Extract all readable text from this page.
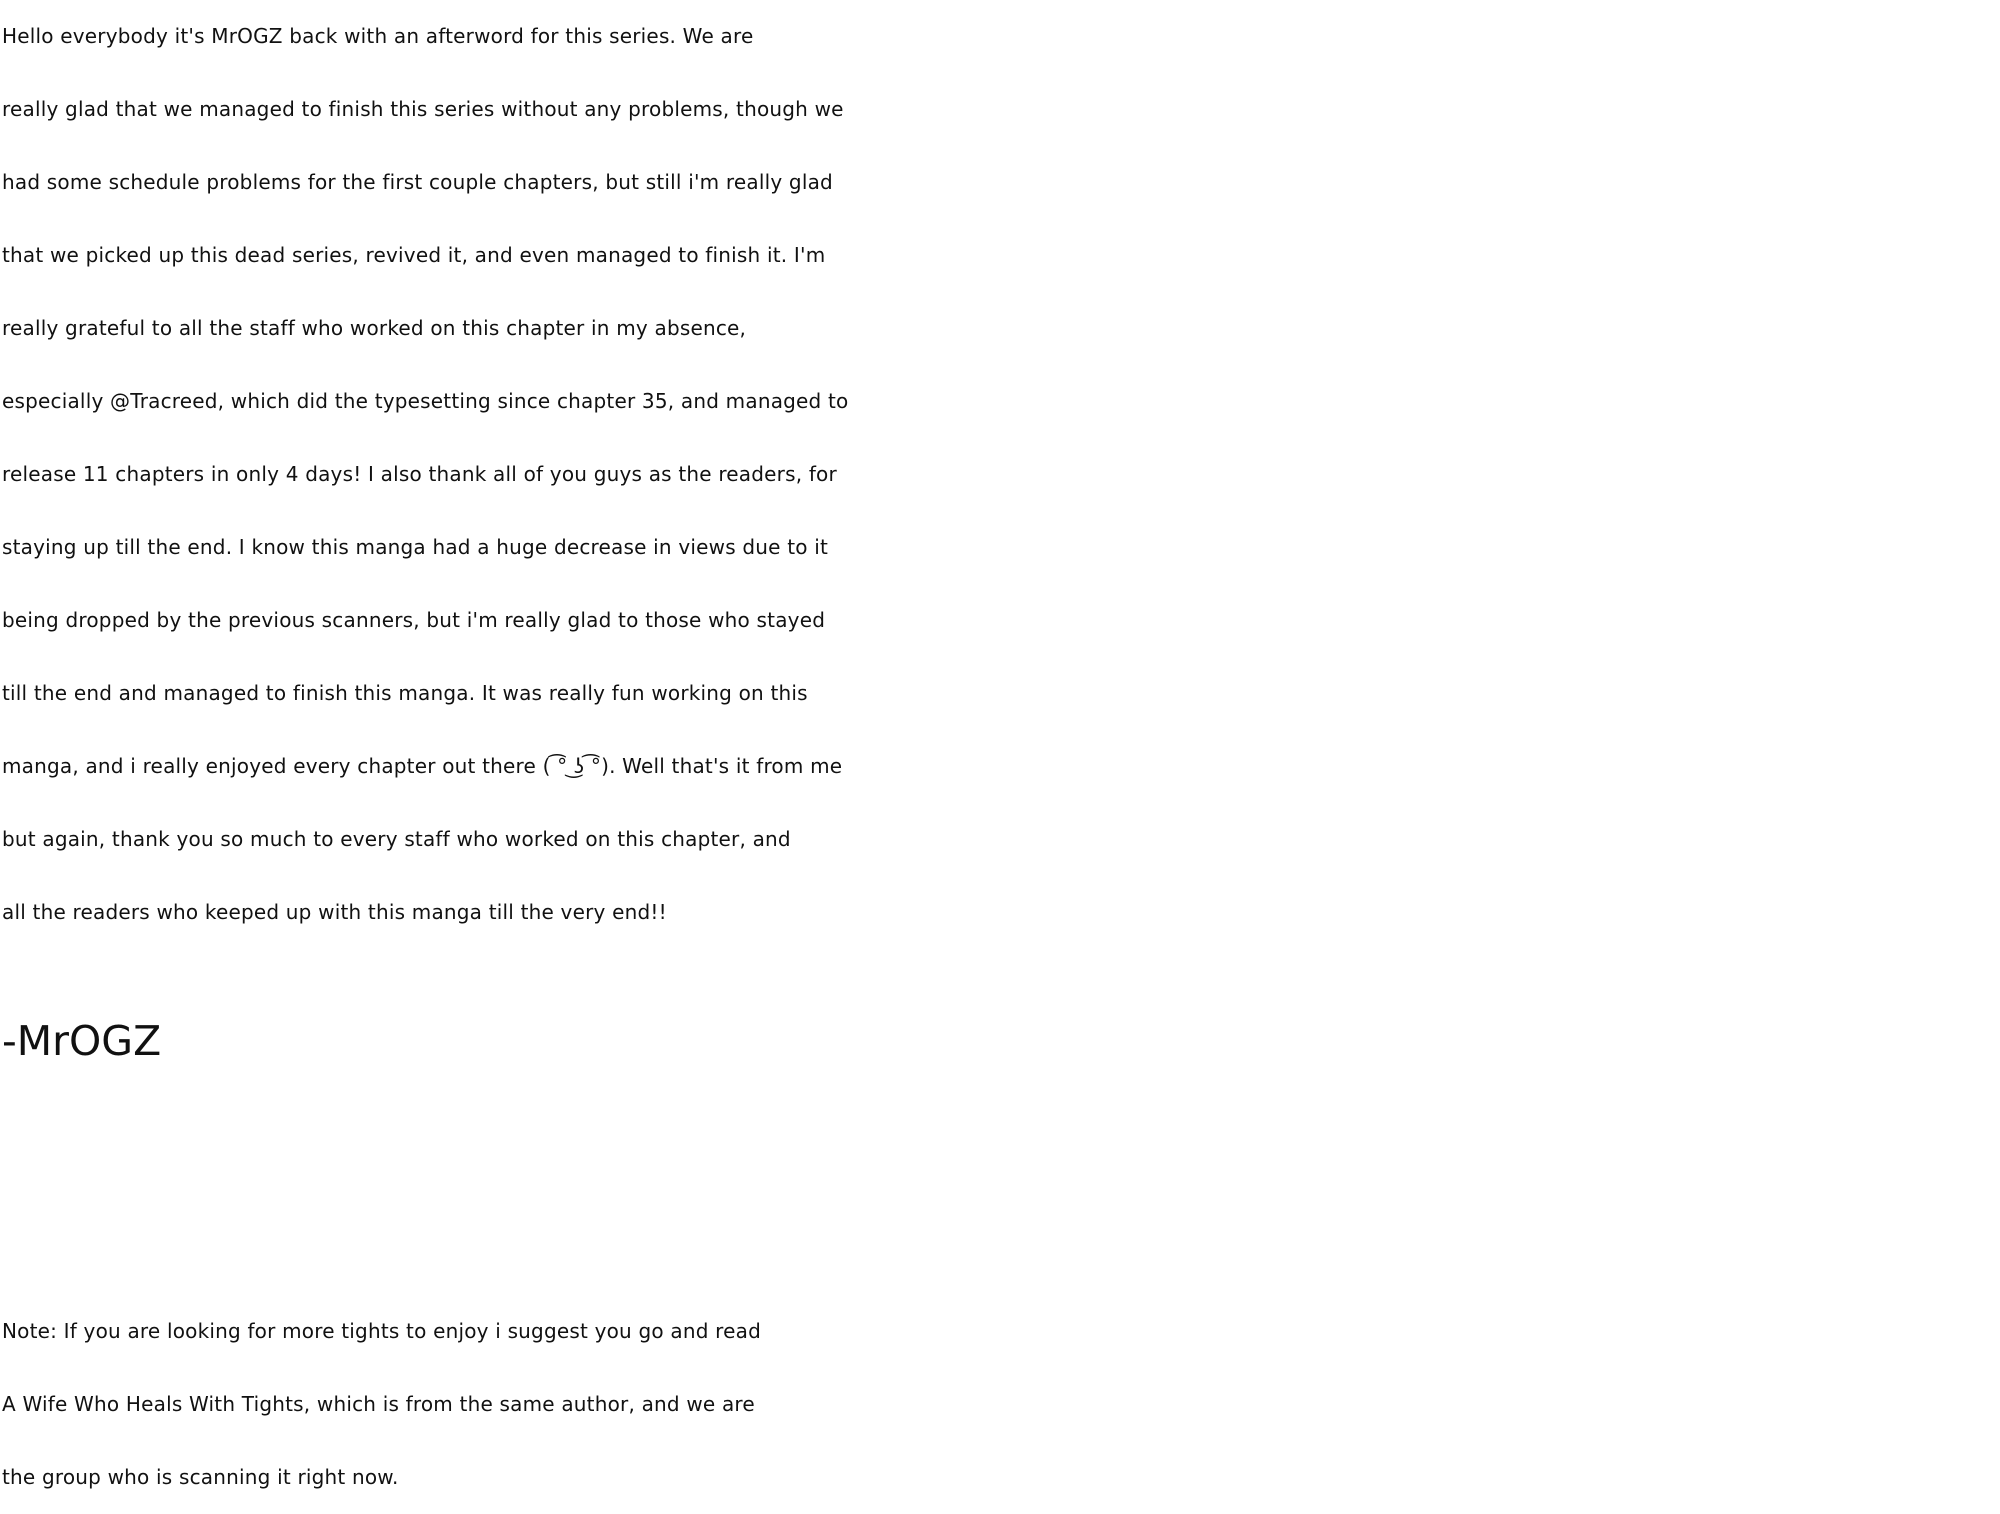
Hello everybody it's MrOGZ back with an afterword for this series. We are
really glad that we managed to finish this series without any problems, though we
had some schedule problems for the first couple chapters, but still i'm really glad
that we picked up this dead series, revived it, and even managed to finish it. I'm
really grateful to all the staff who worked on this chapter in my absence,
especially @Tracreed, which did the typesetting since chapter 35, and managed to
release 11 chapters in only 4 days! I also thank all of you guys as the readers, for
staying up till the end. I know this manga had a huge decrease in views due to it
being dropped by the previous scanners, but i'm really glad to those who stayed
till the end and managed to finish this manga. It was really fun working on this
manga, and i really enjoyed every chapter out there ( ͡° ͜ʖ ͡°). Well that's it from me
but again, thank you so much to every staff who worked on this chapter, and
all the readers who keeped up with this manga till the very end!!
-MrOGZ
Note: If you are looking for more tights to enjoy i suggest you go and read
A Wife Who Heals With Tights, which is from the same author, and we are
the group who is scanning it right now.
